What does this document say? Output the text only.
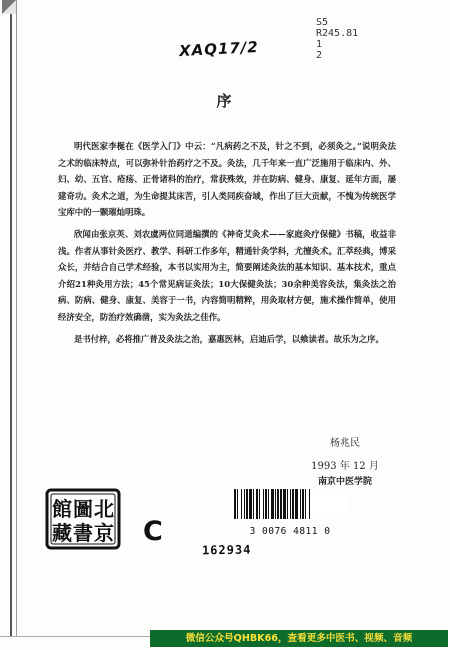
S5
R245.81
1
2
XAQ17/2
序

明代医家李梴在《医学入门》中云：“凡病药之不及，针之不到，必须灸之。”说明灸法之术的临床特点，可以弥补针治药疗之不及。灸法，几千年来一直广泛施用于临床内、外、妇、幼、五官、疮疡、正骨诸科的治疗，常获殊效，并在防病、健身、康复、延年方面，屡建奇功。灸术之道，为生命提其床苦，引人类同疾奋域，作出了巨大贡献，不愧为传统医学宝库中的一颗璀灿明珠。

欣闻由张京英、刘农虞两位同道编撰的《神奇艾灸术——家庭灸疗保健》书稿，收益非浅。作者从事针灸医疗、教学、科研工作多年，精通针灸学科，尤擅灸术。汇萃经典，博采众长，并结合自己学术经验，本书以实用为主，简要阐述灸法的基本知识、基本技术，重点介绍21种灸用方法；45个常见病证灸法；10大保健灸法；30余种美容灸法，集灸法之治病、防病、健身、康复、美容于一书，内容简明精粹，用灸取材方便，施术操作简单，使用经济安全，防治疗效确凿，实为灸法之佳作。

是书付梓，必将推广普及灸法之治，嘉惠医林，启迪后学，以飨读者。故乐为之序。

杨兆民
1993 年 12 月
南京中医学院
北
京
圖
書
館
藏	C	3 0076 4811 0
162934
微信公众号QHBK66，查看更多中医书、视频、音频
